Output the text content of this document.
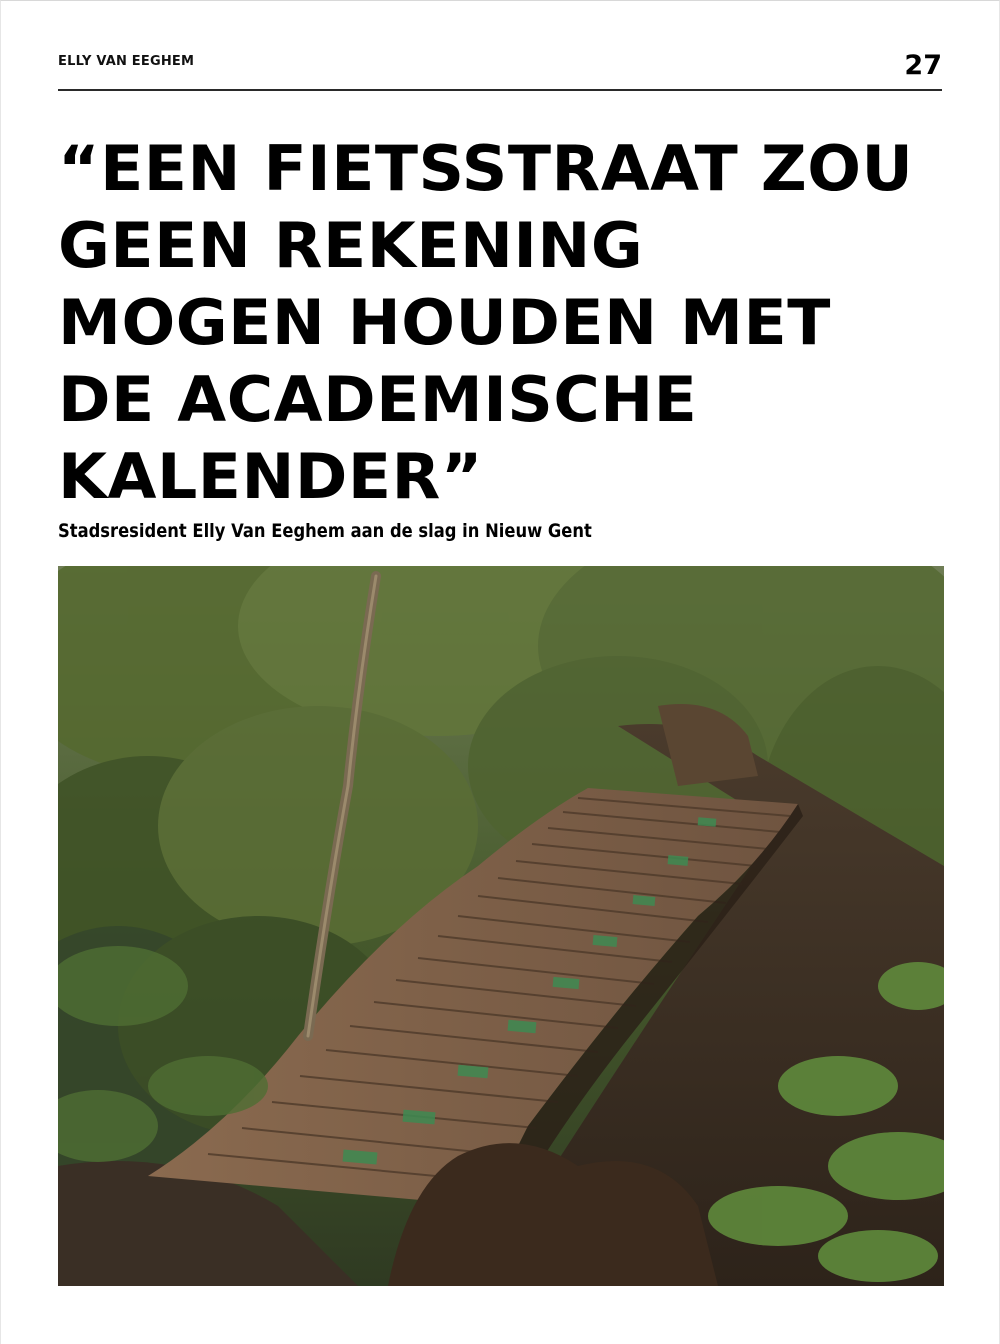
ELLY VAN EEGHEM	27
“EEN FIETSSTRAAT ZOU
GEEN REKENING
MOGEN HOUDEN MET
DE ACADEMISCHE
KALENDER”
Stadsresident Elly Van Eeghem aan de slag in Nieuw Gent
